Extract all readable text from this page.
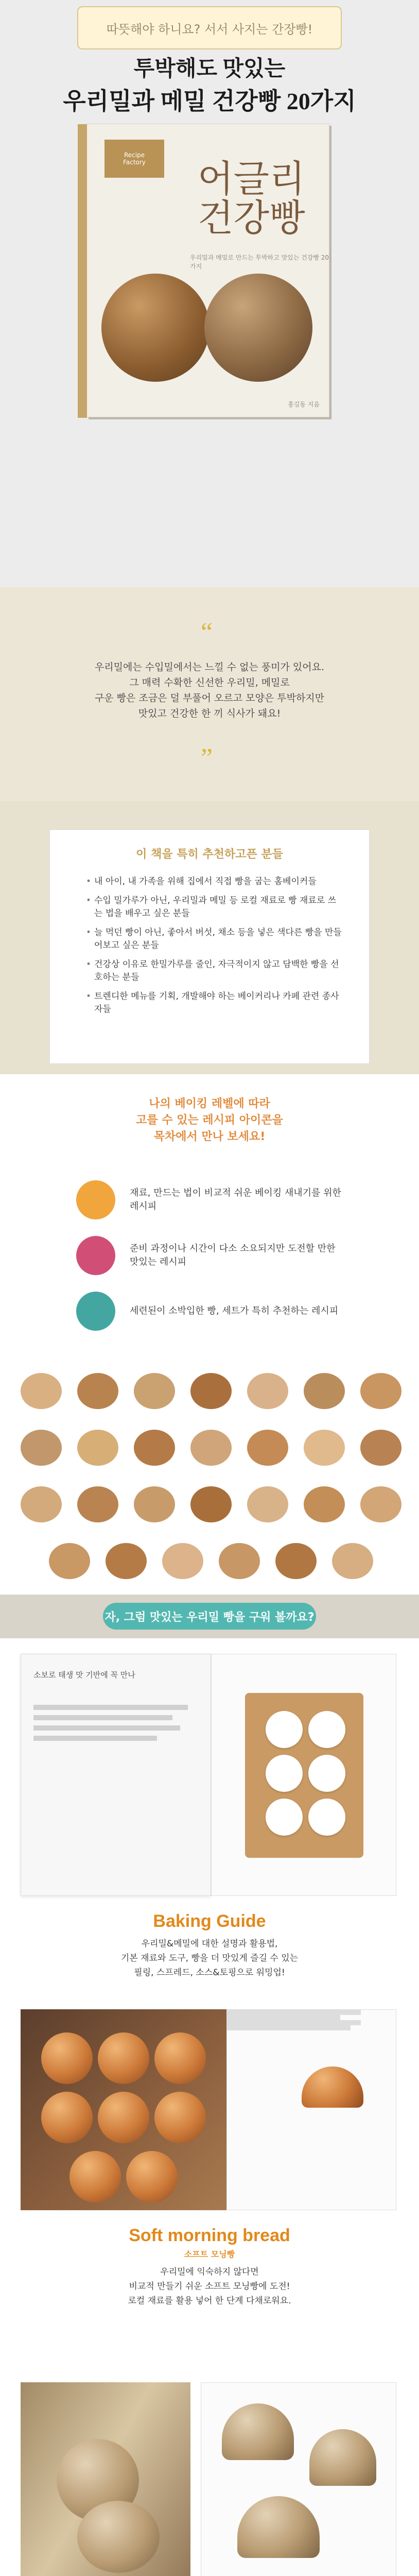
따뜻해야 하니요? 서서 사지는 간장빵!
투박해도 맛있는
우리밀과 메밀 건강빵 20가지
Recipe
Factory 어글리
건강빵
우리밀과 메밀로 만드는 투박하고 맛있는 건강빵 20가지
홍길동 지음
“

우리밀에는 수입밀에서는 느낄 수 없는 풍미가 있어요.
그 매력 수확한 신선한 우리밀, 메밀로
구운 빵은 조금은 덜 부풀어 오르고 모양은 투박하지만
맛있고 건강한 한 끼 식사가 돼요!

”
이 책을 특히 추천하고픈 분들
• 내 아이, 내 가족을 위해 집에서 직접 빵을 굽는 홈베이커들
• 수입 밀가루가 아닌, 우리밀과 메밀 등 로컬 재료로 빵 재료로 쓰는 법을 배우고 싶은 분들
• 늘 먹던 빵이 아닌, 좋아서 버섯, 채소 등을 넣은 색다른 빵을 만들어보고 싶은 분들
• 건강상 이유로 한밀가루를 줄인, 자극적이지 않고 담백한 빵을 선호하는 분들
• 트렌디한 메뉴를 기획, 개발해야 하는 베이커리나 카페 관련 종사자들
나의 베이킹 레벨에 따라
고를 수 있는 레시피 아이콘을
목차에서 만나 보세요!
재료, 만드는 법이 비교적 쉬운 베이킹 새내기를 위한 레시피
준비 과정이나 시간이 다소 소요되지만 도전할 만한 맛있는 레시피
세련된이 소박입한 빵, 세트가 특히 추천하는 레시피
자, 그럼 맛있는 우리밀 빵을 구워 볼까요?
소보로 태생 맛 기반에 꼭 만나
Baking Guide
우리밀&메밀에 대한 설명과 활용법,
기본 재료와 도구, 빵을 더 맛있게 즐길 수 있는
필링, 스프레드, 소스&토핑으로 워밍업!
Soft morning bread
소프트 모닝빵
우리밀에 익숙하지 않다면
비교적 만들기 쉬운 소프트 모닝빵에 도전!
로컬 재료를 활용 넣어 한 단계 다채로워요.
